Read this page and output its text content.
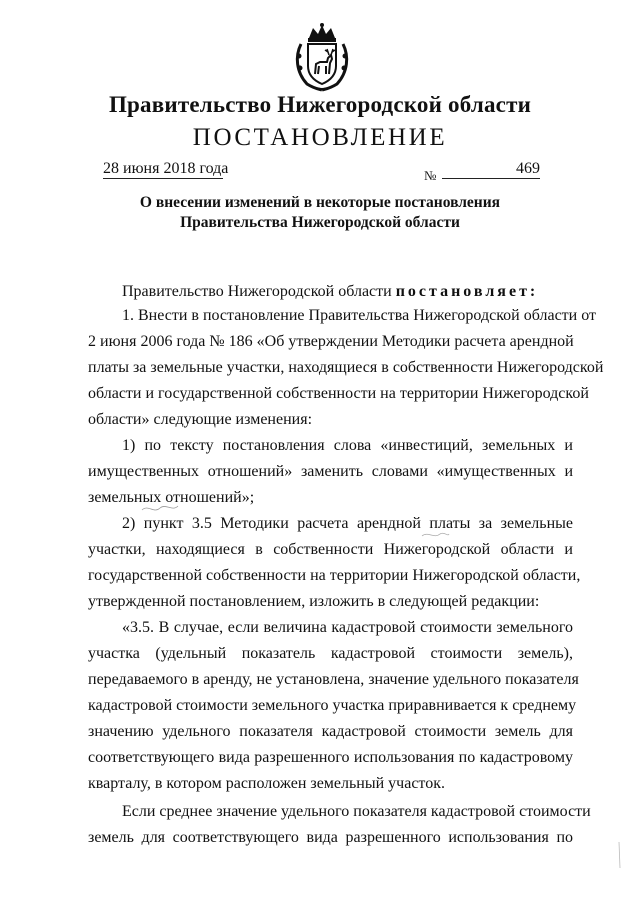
Правительство Нижегородской области
ПОСТАНОВЛЕНИЕ
28 июня 2018 года	№	469
О внесении изменений в некоторые постановления
Правительства Нижегородской области
Правительство Нижегородской области постановляет:
1. Внести в постановление Правительства Нижегородской области от
2 июня 2006 года № 186 «Об утверждении Методики расчета арендной
платы за земельные участки, находящиеся в собственности Нижегородской
области и государственной собственности на территории Нижегородской
области» следующие изменения:
1) по тексту постановления слова «инвестиций, земельных и
имущественных отношений» заменить словами «имущественных и
земельных отношений»;
2) пункт 3.5 Методики расчета арендной платы за земельные
участки, находящиеся в собственности Нижегородской области и
государственной собственности на территории Нижегородской области,
утвержденной постановлением, изложить в следующей редакции:
«3.5. В случае, если величина кадастровой стоимости земельного
участка (удельный показатель кадастровой стоимости земель),
передаваемого в аренду, не установлена, значение удельного показателя
кадастровой стоимости земельного участка приравнивается к среднему
значению удельного показателя кадастровой стоимости земель для
соответствующего вида разрешенного использования по кадастровому
кварталу, в котором расположен земельный участок.
Если среднее значение удельного показателя кадастровой стоимости
земель для соответствующего вида разрешенного использования по
